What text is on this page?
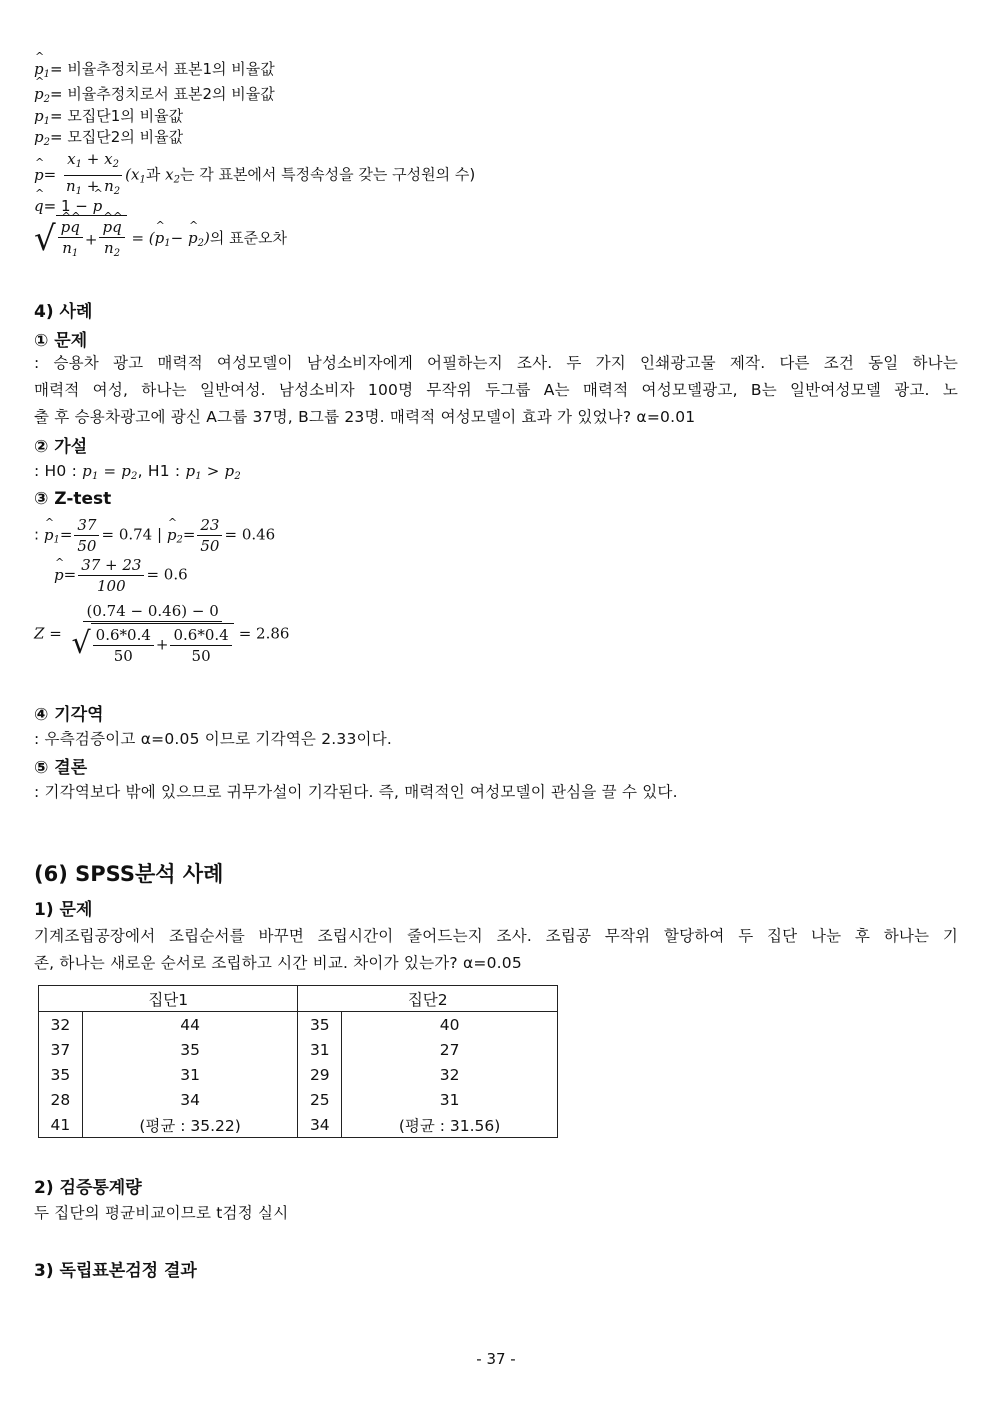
^ $p_1=$ 비율추정치로서 표본1의 비율값
^ $p_2=$ 비율추정치로서 표본2의 비율값
$p_1=$ 모집단1의 비율값
$p_2=$ 모집단2의 비율값
^ $p= \frac{x_1 + x_2}{n_1 + n_2} (x_1$과 $x_2$는 각 표본에서 특정속성을 갖는 구성원의 수)
^ q= 1 − ^ p
√ ^ $\frac{p\^{} q}{n_1}$ + ^ $\frac{p\^{} q}{n_2}$ = (^ $p_1-$ ^ $p_2$)의 표준오차
4) 사례
① 문제
: 승용차 광고 매력적 여성모델이 남성소비자에게 어필하는지 조사. 두 가지 인쇄광고물 제작. 다른 조건 동일 하나는
매력적 여성, 하나는 일반여성. 남성소비자 100명 무작위 두그룹 A는 매력적 여성모델광고, B는 일반여성모델 광고. 노
출 후 승용차광고에 광신 A그룹 37명, B그룹 23명. 매력적 여성모델이 효과 가 있었나? α=0.01
② 가설
: H0 : $p_1 = p_2$, H1 : $p_1 > p_2$
③ Z-test
: ^ $p_1= \frac{37}{50} = 0.74$ | ^ $p_2= \frac{23}{50} = 0.46$
^ $p= \frac{37 + 23}{100} = 0.6$
$Z = \frac{(0.74 - 0.46) - 0}{√ \frac{0.6*0.4}{50} + \frac{0.6*0.4}{50}} = 2.86$
④ 기각역
: 우측검증이고 α=0.05 이므로 기각역은 2.33이다.
⑤ 결론
: 기각역보다 밖에 있으므로 귀무가설이 기각된다. 즉, 매력적인 여성모델이 관심을 끌 수 있다.
(6) SPSS분석 사례
1) 문제
기계조립공장에서 조립순서를 바꾸면 조립시간이 줄어드는지 조사. 조립공 무작위 할당하여 두 집단 나눈 후 하나는 기
존, 하나는 새로운 순서로 조립하고 시간 비교. 차이가 있는가? α=0.05
집단1		집단2	
32	44	35	40
37	35	31	27
35	31	29	32
28	34	25	31
41	(평균 : 35.22)	34	(평균 : 31.56)
2) 검증통계량
두 집단의 평균비교이므로 t검정 실시
3) 독립표본검정 결과
- 37 -
